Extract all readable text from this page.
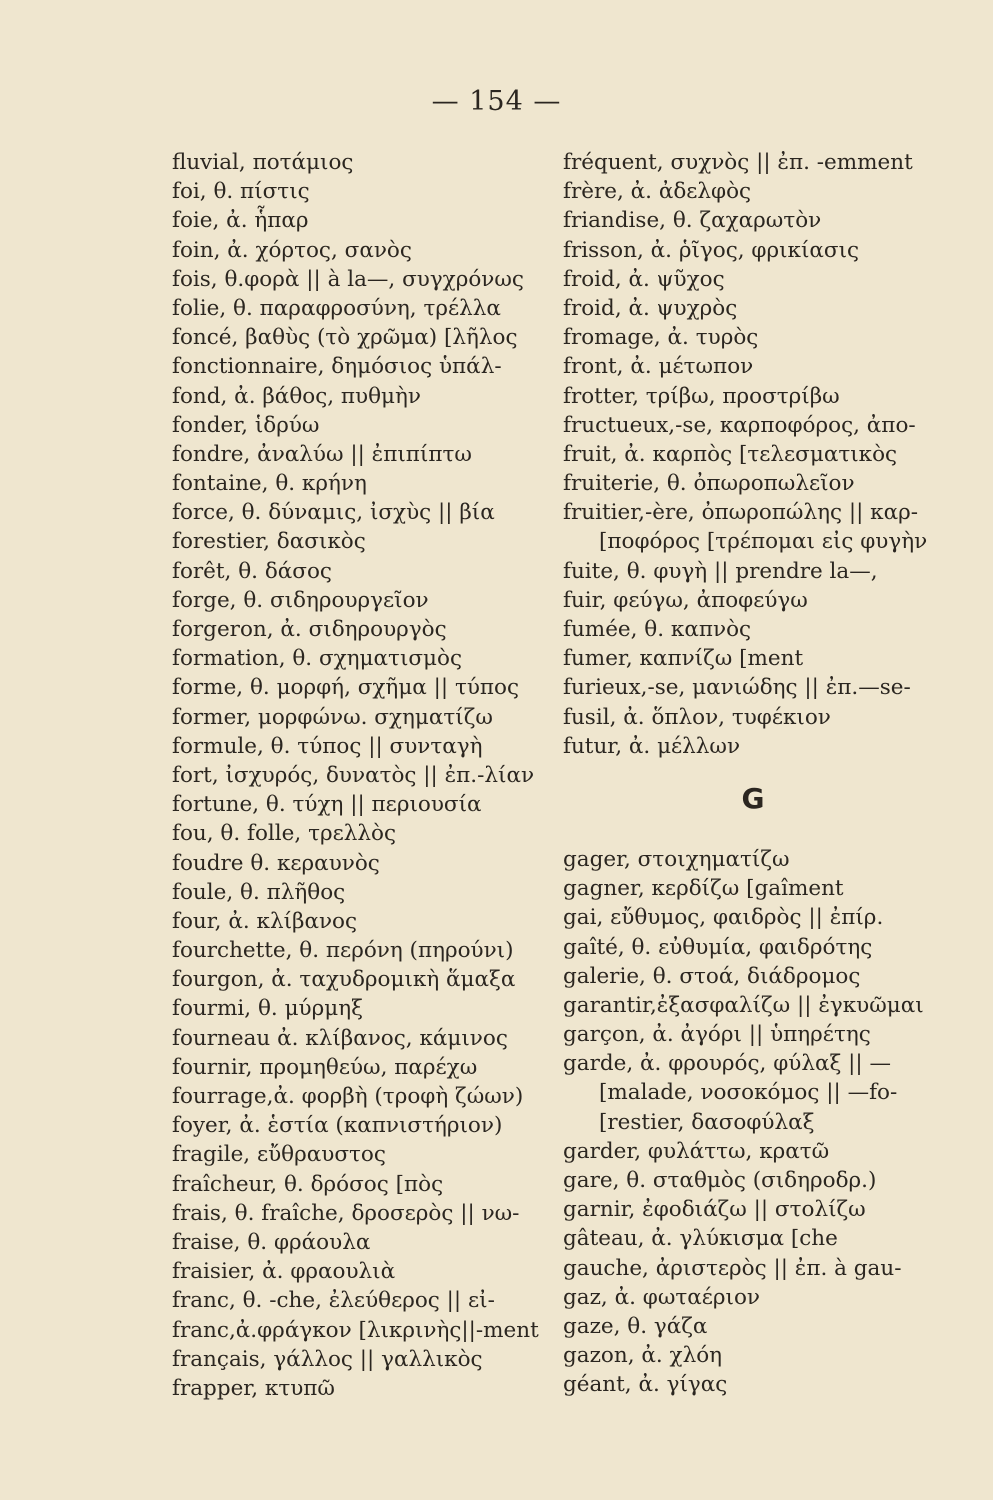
— 154 —
fluvial, ποτάμιος
foi, θ. πίστις
foie, ἀ. ἧπαρ
foin, ἀ. χόρτος, σανὸς
fois, θ.φορὰ || à la—, συγχρόνως
folie, θ. παραφροσύνη, τρέλλα
foncé, βαθὺς (τὸ χρῶμα) [λῆλος
fonctionnaire, δημόσιος ὑπάλ-
fond, ἀ. βάθος, πυθμὴν
fonder, ἱδρύω
fondre, ἀναλύω || ἐπιπίπτω
fontaine, θ. κρήνη
force, θ. δύναμις, ἰσχὺς || βία
forestier, δασικὸς
forêt, θ. δάσος
forge, θ. σιδηρουργεῖον
forgeron, ἀ. σιδηρουργὸς
formation, θ. σχηματισμὸς
forme, θ. μορφή, σχῆμα || τύπος
former, μορφώνω. σχηματίζω
formule, θ. τύπος || συνταγὴ
fort, ἰσχυρός, δυνατὸς || ἐπ.-λίαν
fortune, θ. τύχη || περιουσία
fou, θ. folle, τρελλὸς
foudre θ. κεραυνὸς
foule, θ. πλῆθος
four, ἀ. κλίβανος
fourchette, θ. περόνη (πηρούνι)
fourgon, ἀ. ταχυδρομικὴ ἅμαξα
fourmi, θ. μύρμηξ
fourneau ἀ. κλίβανος, κάμινος
fournir, προμηθεύω, παρέχω
fourrage,ἀ. φορβὴ (τροφὴ ζώων)
foyer, ἀ. ἑστία (καπνιστήριον)
fragile, εὔθραυστος
fraîcheur, θ. δρόσος [πὸς
frais, θ. fraîche, δροσερὸς || νω-
fraise, θ. φράουλα
fraisier, ἀ. φραουλιὰ
franc, θ. -che, ἐλεύθερος || εἰ-
franc,ἀ.φράγκον [λικρινὴς||-ment
français, γάλλος || γαλλικὸς
frapper, κτυπῶ
fréquent, συχνὸς || ἐπ. -emment
frère, ἀ. ἀδελφὸς
friandise, θ. ζαχαρωτὸν
frisson, ἀ. ῥῖγος, φρικίασις
froid, ἀ. ψῦχος
froid, ἀ. ψυχρὸς
fromage, ἀ. τυρὸς
front, ἀ. μέτωπον
frotter, τρίβω, προστρίβω
fructueux,-se, καρποφόρος, ἀπο-
fruit, ἀ. καρπὸς [τελεσματικὸς
fruiterie, θ. ὀπωροπωλεῖον
fruitier,-ère, ὀπωροπώλης || καρ-
[ποφόρος [τρέπομαι εἰς φυγὴν
fuite, θ. φυγὴ || prendre la—,
fuir, φεύγω, ἀποφεύγω
fumée, θ. καπνὸς
fumer, καπνίζω [ment
furieux,-se, μανιώδης || ἐπ.—se-
fusil, ἀ. ὅπλον, τυφέκιον
futur, ἀ. μέλλων
G
gager, στοιχηματίζω
gagner, κερδίζω [gaîment
gai, εὔθυμος, φαιδρὸς || ἐπίρ.
gaîté, θ. εὐθυμία, φαιδρότης
galerie, θ. στοά, διάδρομος
garantir,ἐξασφαλίζω || ἐγκυῶμαι
garçon, ἀ. ἀγόρι || ὑπηρέτης
garde, ἀ. φρουρός, φύλαξ || —
[malade, νοσοκόμος || —fo-
[restier, δασοφύλαξ
garder, φυλάττω, κρατῶ
gare, θ. σταθμὸς (σιδηροδρ.)
garnir, ἐφοδιάζω || στολίζω
gâteau, ἀ. γλύκισμα [che
gauche, ἀριστερὸς || ἐπ. à gau-
gaz, ἀ. φωταέριον
gaze, θ. γάζα
gazon, ἀ. χλόη
géant, ἀ. γίγας
